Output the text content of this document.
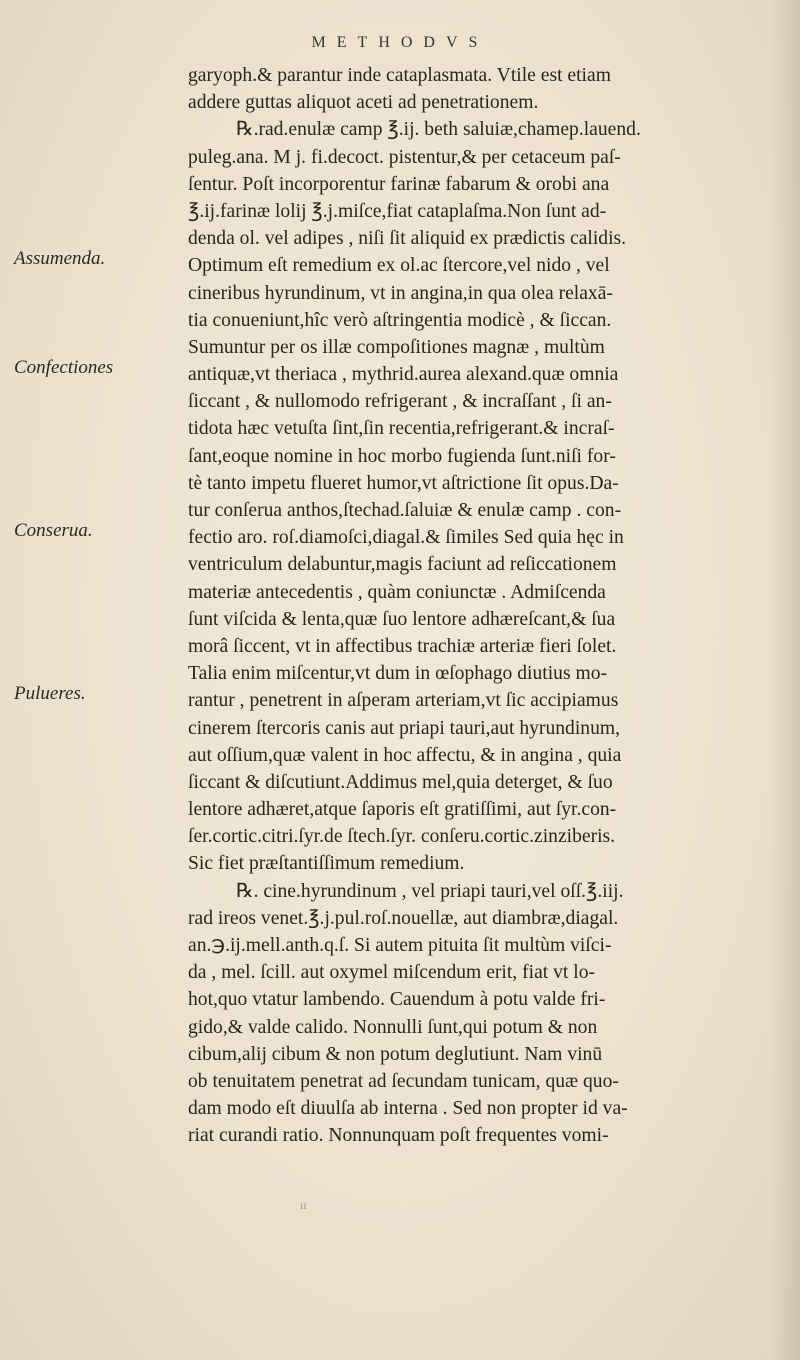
METHODVS
Assumenda.
Confectiones
Conserua.
Pulueres.
garyoph.& parantur inde cataplasmata. Vtile est etiam
addere guttas aliquot aceti ad penetrationem.
℞.rad.enulæ camp ℥.ij. beth saluiæ,chamep.lauend.
puleg.ana. M j. fi.decoct. pistentur,& per cetaceum paſ-
ſentur. Poſt incorporentur farinæ fabarum & orobi ana
℥.ij.farinæ lolij ℥.j.miſce,fiat cataplaſma.Non ſunt ad-
denda ol. vel adipes , niſi ſit aliquid ex prædictis calidis.
Optimum eſt remedium ex ol.ac ſtercore,vel nido , vel
cineribus hyrundinum, vt in angina,in qua olea relaxā-
tia conueniunt,hîc verò aſtringentia modicè , & ſiccan.
Sumuntur per os illæ compoſitiones magnæ , multùm
antiquæ,vt theriaca , mythrid.aurea alexand.quæ omnia
ſiccant , & nullomodo refrigerant , & incraſſant , ſi an-
tidota hæc vetuſta ſint,ſin recentia,refrigerant.& incraſ-
ſant,eoque nomine in hoc morbo fugienda ſunt.niſi for-
tè tanto impetu flueret humor,vt aſtrictione ſit opus.Da-
tur conſerua anthos,ſtechad.ſaluiæ & enulæ camp . con-
fectio aro. roſ.diamoſci,diagal.& ſimiles Sed quia hęc in
ventriculum delabuntur,magis faciunt ad reſiccationem
materiæ antecedentis , quàm coniunctæ . Admiſcenda
ſunt viſcida & lenta,quæ ſuo lentore adhæreſcant,& ſua
morâ ſiccent, vt in affectibus trachiæ arteriæ fieri ſolet.
Talia enim miſcentur,vt dum in œſophago diutius mo-
rantur , penetrent in aſperam arteriam,vt ſic accipiamus
cinerem ſtercoris canis aut priapi tauri,aut hyrundinum,
aut oſſium,quæ valent in hoc affectu, & in angina , quia
ſiccant & diſcutiunt.Addimus mel,quia deterget, & ſuo
lentore adhæret,atque ſaporis eſt gratiſſimi, aut ſyr.con-
ſer.cortic.citri.ſyr.de ſtech.ſyr. conſeru.cortic.zinziberis.
Sic fiet præſtantiſſimum remedium.
℞. cine.hyrundinum , vel priapi tauri,vel oſſ.℥.iij.
rad ireos venet.℥.j.pul.roſ.nouellæ, aut diambræ,diagal.
an.℈.ij.mell.anth.q.ſ. Si autem pituita ſit multùm viſci-
da , mel. ſcill. aut oxymel miſcendum erit, fiat vt lo-
hot,quo vtatur lambendo. Cauendum à potu valde fri-
gido,& valde calido. Nonnulli ſunt,qui potum & non
cibum,alij cibum & non potum deglutiunt. Nam vinū
ob tenuitatem penetrat ad ſecundam tunicam, quæ quo-
dam modo eſt diuulſa ab interna . Sed non propter id va-
riat curandi ratio. Nonnunquam poſt frequentes vomi-
ıı
